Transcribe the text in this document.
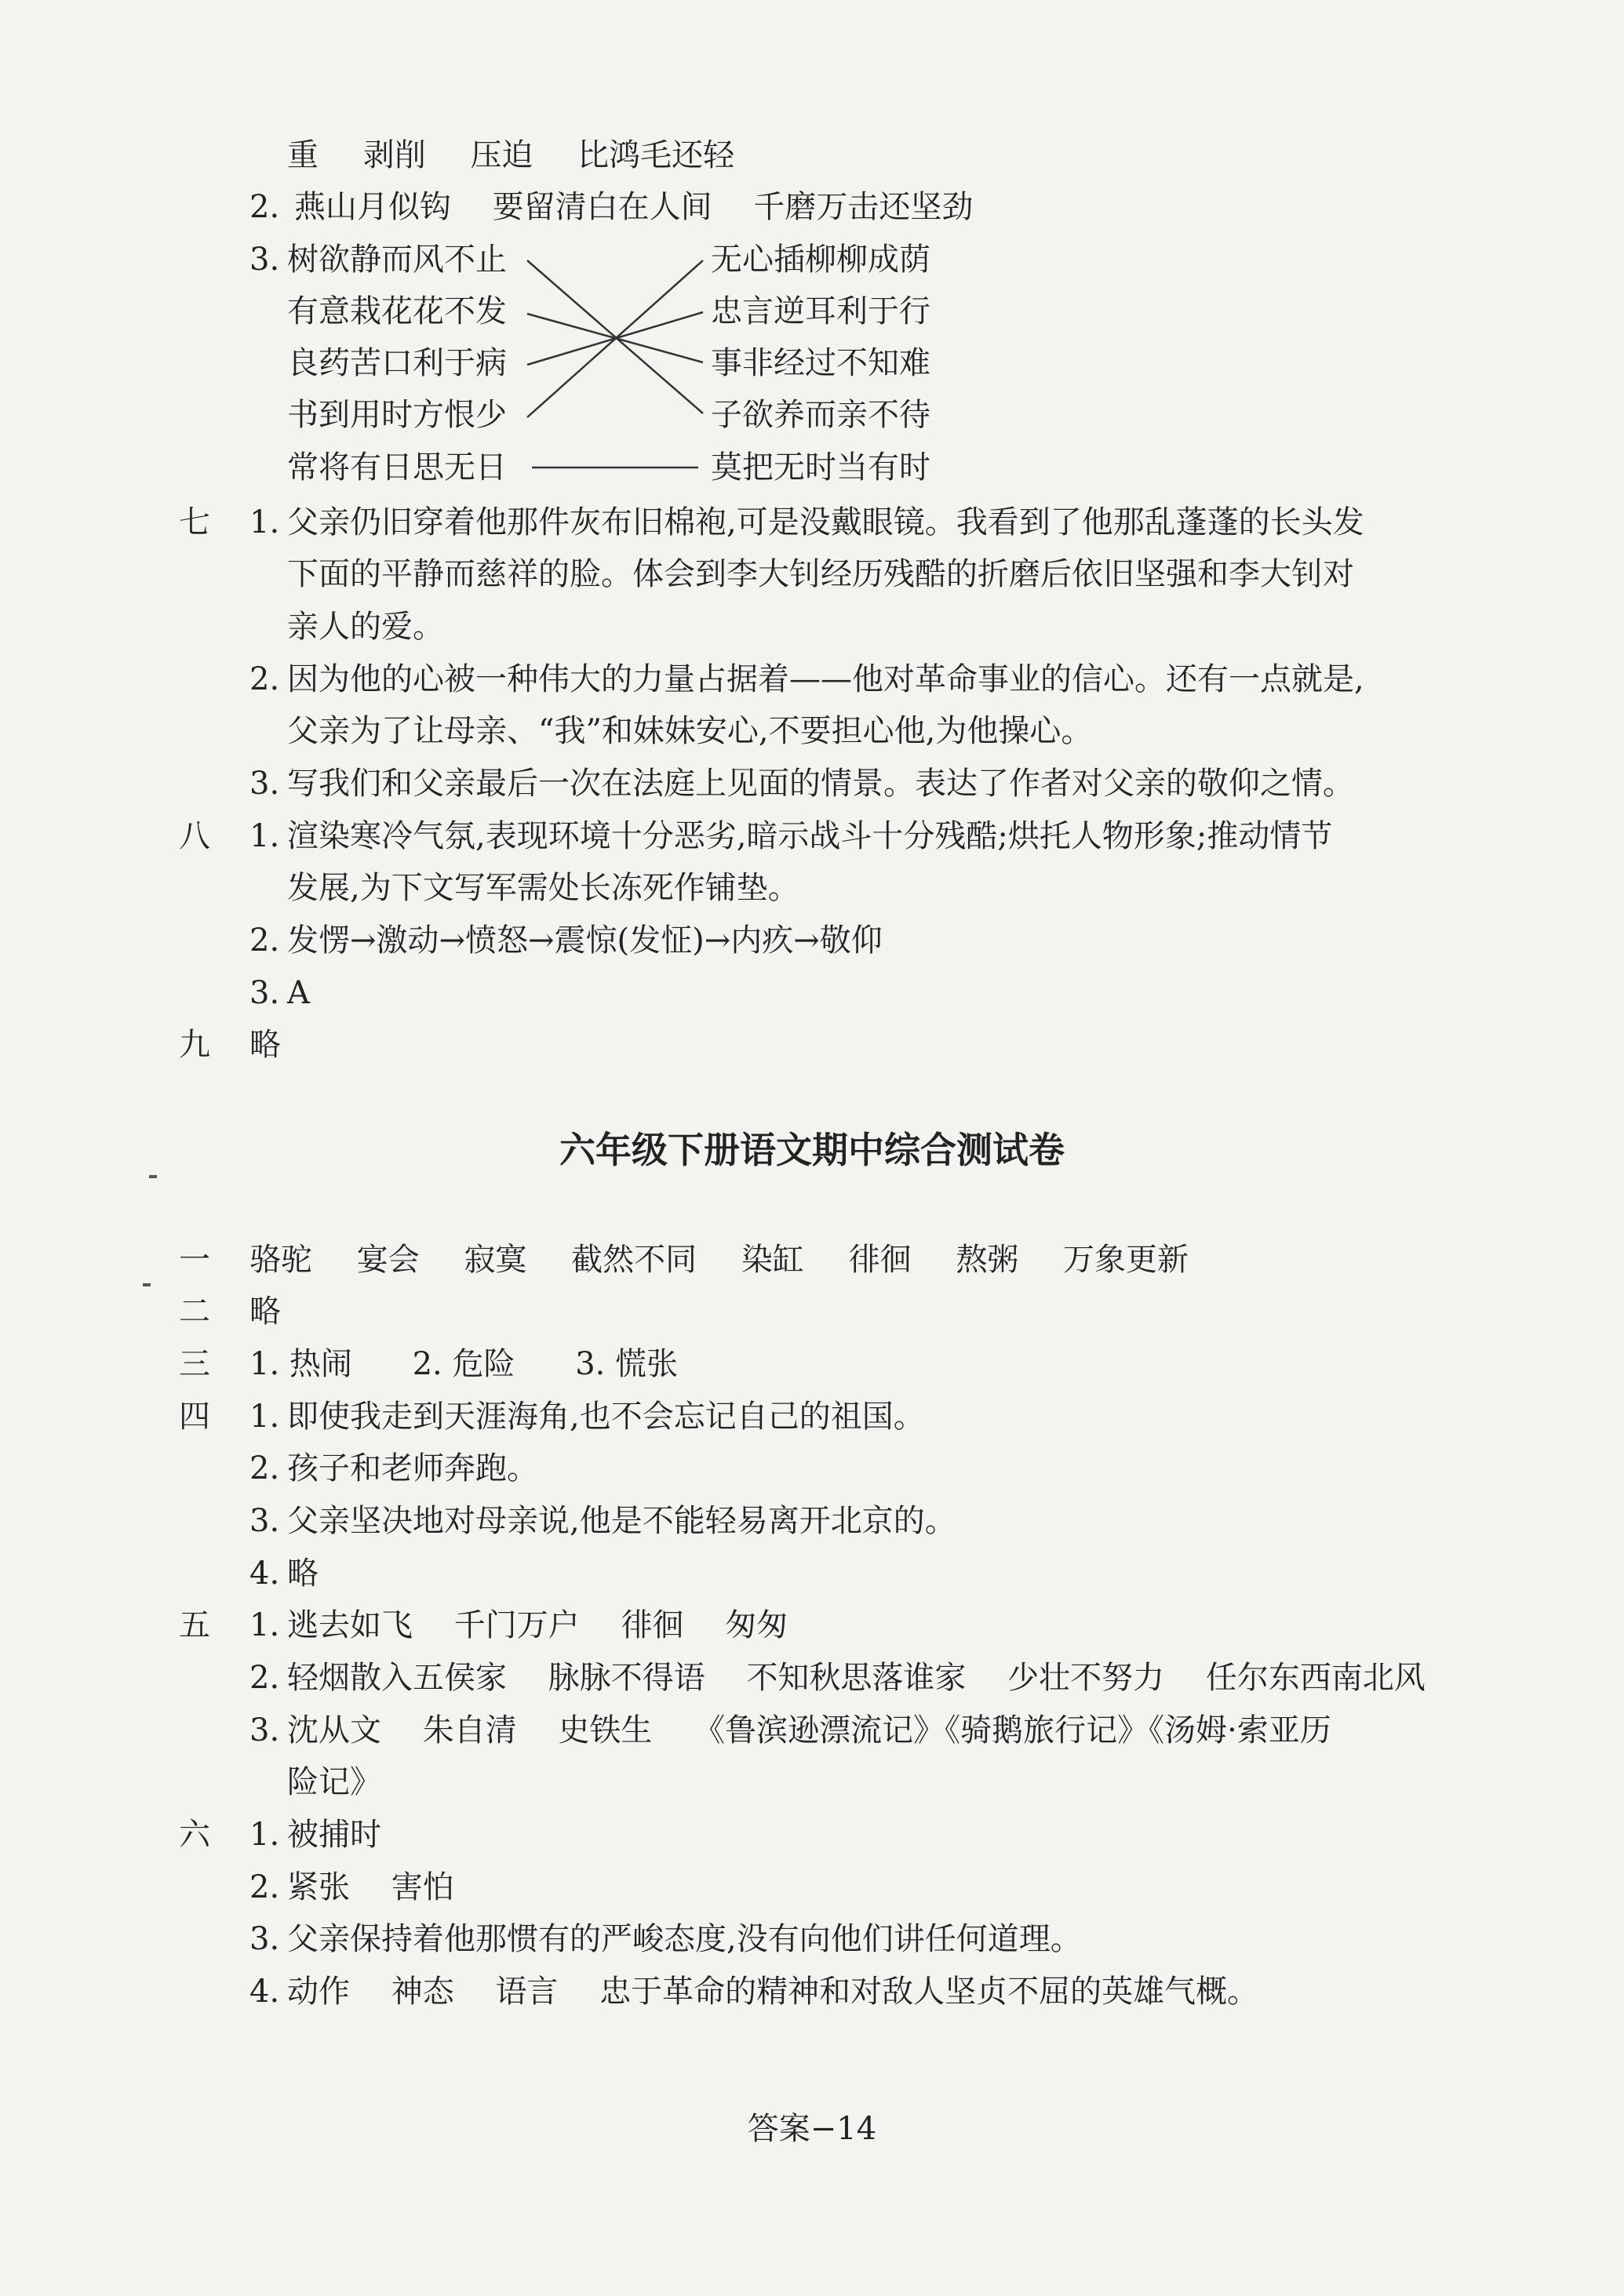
重 剥削 压迫 比鸿毛还轻
2. 燕山月似钩 要留清白在人间 千磨万击还坚劲
3. 树欲静而风不止
有意栽花花不发
良药苦口利于病
书到用时方恨少
常将有日思无日
无心插柳柳成荫
忠言逆耳利于行
事非经过不知难
子欲养而亲不待
莫把无时当有时
七 1. 父亲仍旧穿着他那件灰布旧棉袍,可是没戴眼镜。我看到了他那乱蓬蓬的长头发
下面的平静而慈祥的脸。体会到李大钊经历残酷的折磨后依旧坚强和李大钊对
亲人的爱。
2. 因为他的心被一种伟大的力量占据着——他对革命事业的信心。还有一点就是,
父亲为了让母亲、“我”和妹妹安心,不要担心他,为他操心。
3. 写我们和父亲最后一次在法庭上见面的情景。表达了作者对父亲的敬仰之情。
八 1. 渲染寒冷气氛,表现环境十分恶劣,暗示战斗十分残酷;烘托人物形象;推动情节
发展,为下文写军需处长冻死作铺垫。
2. 发愣→激动→愤怒→震惊(发怔)→内疚→敬仰
3. A
九 略
六年级下册语文期中综合测试卷
一 骆驼 宴会 寂寞 截然不同 染缸 徘徊 熬粥 万象更新
二 略
三 1. 热闹 2. 危险 3. 慌张
四 1. 即使我走到天涯海角,也不会忘记自己的祖国。
2. 孩子和老师奔跑。
3. 父亲坚决地对母亲说,他是不能轻易离开北京的。
4. 略
五 1. 逃去如飞 千门万户 徘徊 匆匆
2. 轻烟散入五侯家 脉脉不得语 不知秋思落谁家 少壮不努力 任尔东西南北风
3. 沈从文 朱自清 史铁生 《鲁滨逊漂流记》《骑鹅旅行记》《汤姆·索亚历
险记》
六 1. 被捕时
2. 紧张 害怕
3. 父亲保持着他那惯有的严峻态度,没有向他们讲任何道理。
4. 动作 神态 语言 忠于革命的精神和对敌人坚贞不屈的英雄气概。
答案−14
